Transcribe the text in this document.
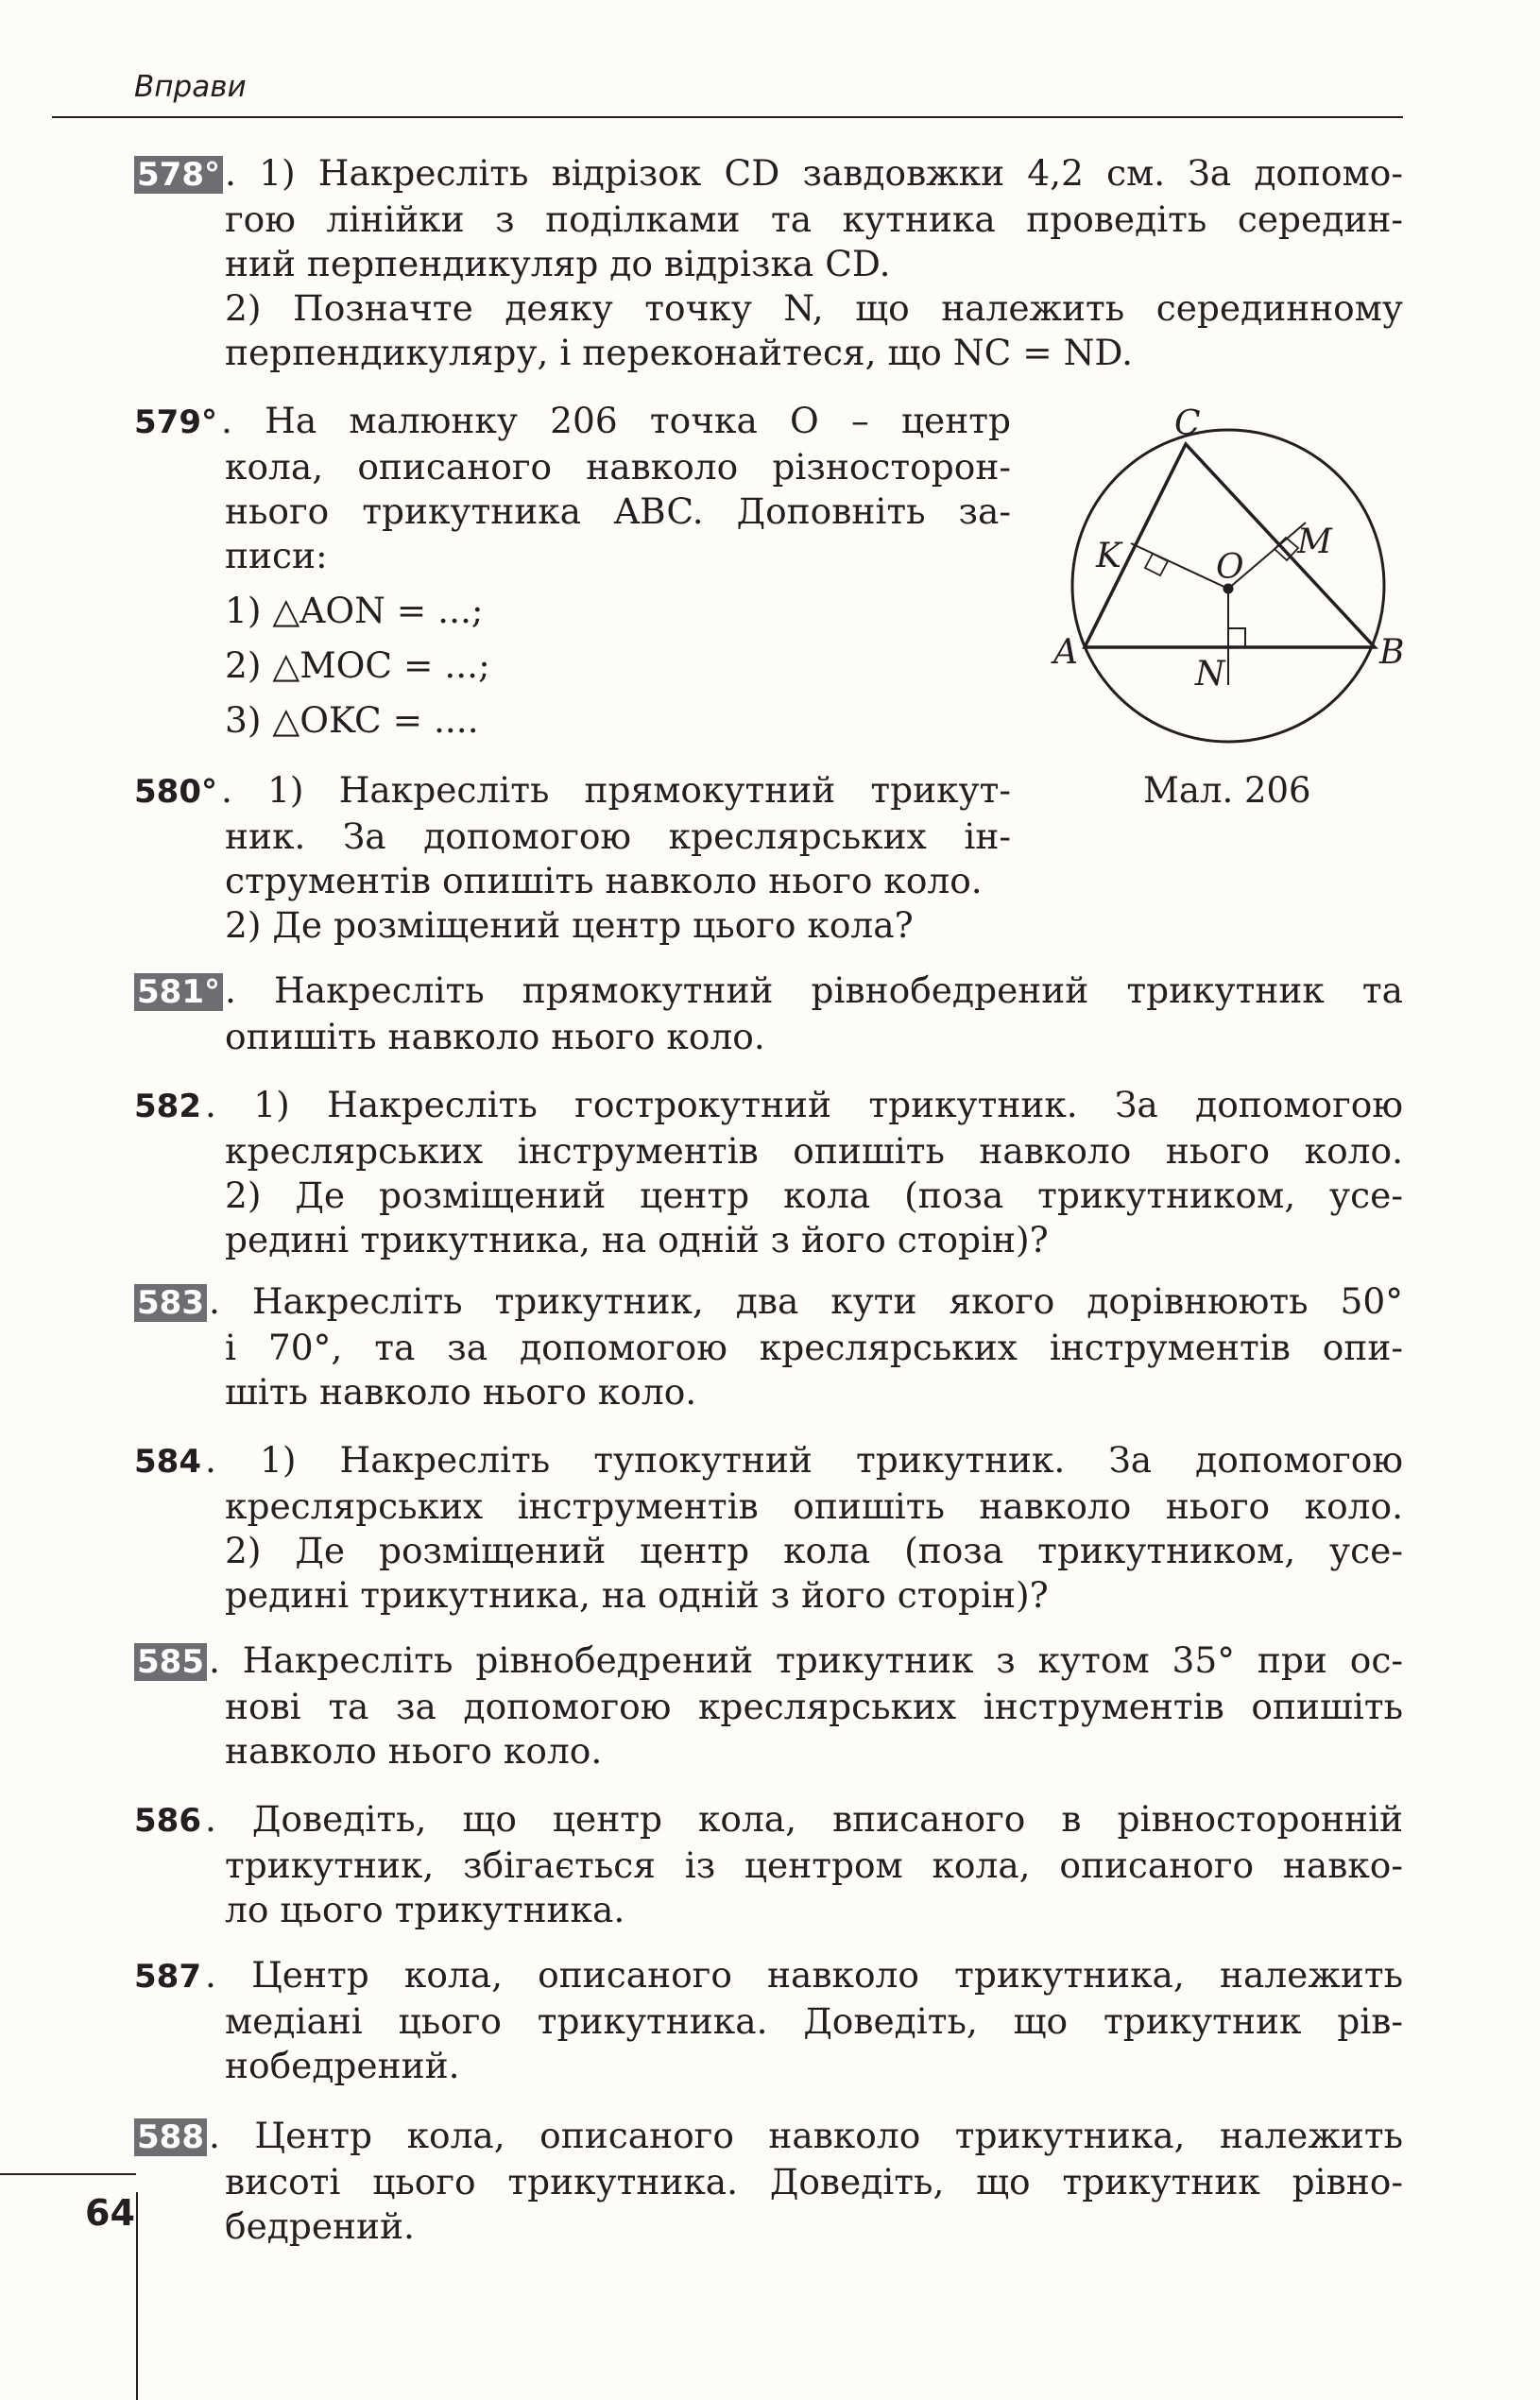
Вправи
578° . 1) Накресліть відрізок CD завдовжки 4,2 см. За допомо-
гою лінійки з поділками та кутника проведіть середин-
ний перпендикуляр до відрізка CD.
2) Позначте деяку точку N, що належить серединному
перпендикуляру, і переконайтеся, що NC = ND.
579° . На малюнку 206 точка O – центр
кола, описаного навколо різносторон-
нього трикутника ABC. Доповніть за-
писи:
1) △AON = ...;
2) △MOC = ...;
3) △OKC = ....
C
K	O
M
A
N
B
Мал. 206
580° . 1) Накресліть прямокутний трикут-
ник. За допомогою креслярських ін-
струментів опишіть навколо нього коло.
2) Де розміщений центр цього кола?
581° . Накресліть прямокутний рівнобедрений трикутник та
опишіть навколо нього коло.
582 . 1) Накресліть гострокутний трикутник. За допомогою
креслярських інструментів опишіть навколо нього коло.
2) Де розміщений центр кола (поза трикутником, усе-
редині трикутника, на одній з його сторін)?
583 . Накресліть трикутник, два кути якого дорівнюють 50°
і 70°, та за допомогою креслярських інструментів опи-
шіть навколо нього коло.
584 . 1) Накресліть тупокутний трикутник. За допомогою
креслярських інструментів опишіть навколо нього коло.
2) Де розміщений центр кола (поза трикутником, усе-
редині трикутника, на одній з його сторін)?
585 . Накресліть рівнобедрений трикутник з кутом 35° при ос-
нові та за допомогою креслярських інструментів опишіть
навколо нього коло.
586 . Доведіть, що центр кола, вписаного в рівносторонній
трикутник, збігається із центром кола, описаного навко-
ло цього трикутника.
587 . Центр кола, описаного навколо трикутника, належить
медіані цього трикутника. Доведіть, що трикутник рів-
нобедрений.
588 . Центр кола, описаного навколо трикутника, належить
висоті цього трикутника. Доведіть, що трикутник рівно-
бедрений.
64
